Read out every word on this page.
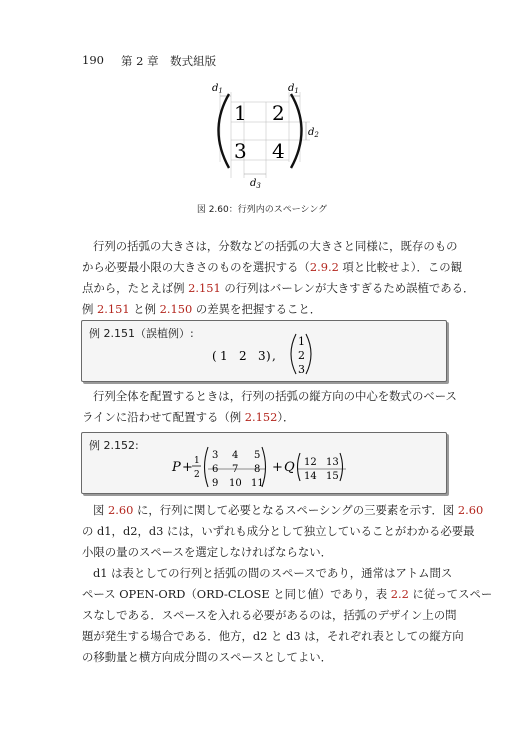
190 第 2 章　数式組版
$d_1$	$d_1$
1 2
3 4
$d_2$
$d_3$
図 2.60：行列内のスペーシング
行列の括弧の大きさは，分数などの括弧の大きさと同様に，既存のもの
から必要最小限の大きさのものを選択する（2.9.2 項と比較せよ）．この観
点から，たとえば例 2.151 の行列はバーレンが大きすぎるため誤植である．
例 2.151 と例 2.150 の差異を把握すること．
例 2.151（誤植例）:
( 1 2 3 ) ,
1
2
3
行列全体を配置するときは，行列の括弧の縦方向の中心を数式のベース
ラインに沿わせて配置する（例 2.152）．
例 2.152:
P + 1
2
3 4 5
6 7 8
9 10 11
+ Q 12 13
14 15
図 2.60 に，行列に関して必要となるスペーシングの三要素を示す．図 2.60
の d1，d2，d3 には，いずれも成分として独立していることがわかる必要最
小限の量のスペースを選定しなければならない．
d1 は表としての行列と括弧の間のスペースであり，通常はアトム間ス
ペース OPEN-ORD（ORD-CLOSE と同じ値）であり，表 2.2 に従ってスペー
スなしである．スペースを入れる必要があるのは，括弧のデザイン上の問
題が発生する場合である．他方，d2 と d3 は，それぞれ表としての縦方向
の移動量と横方向成分間のスペースとしてよい．
